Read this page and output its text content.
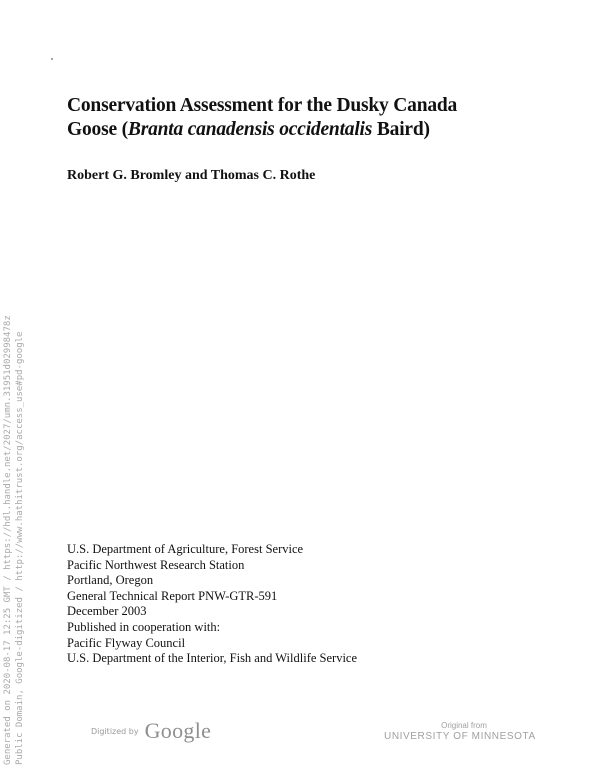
Conservation Assessment for the Dusky Canada
Goose (Branta canadensis occidentalis Baird)
Robert G. Bromley and Thomas C. Rothe
Generated on 2020-08-17 12:25 GMT / https://hdl.handle.net/2027/umn.31951d02998478z Public Domain, Google-digitized / http://www.hathitrust.org/access_use#pd-google	U.S. Department of Agriculture, Forest Service
Pacific Northwest Research Station
Portland, Oregon
General Technical Report PNW-GTR-591
December 2003
Published in cooperation with:
Pacific Flyway Council
U.S. Department of the Interior, Fish and Wildlife Service
Digitized by Google	Original from
UNIVERSITY OF MINNESOTA
